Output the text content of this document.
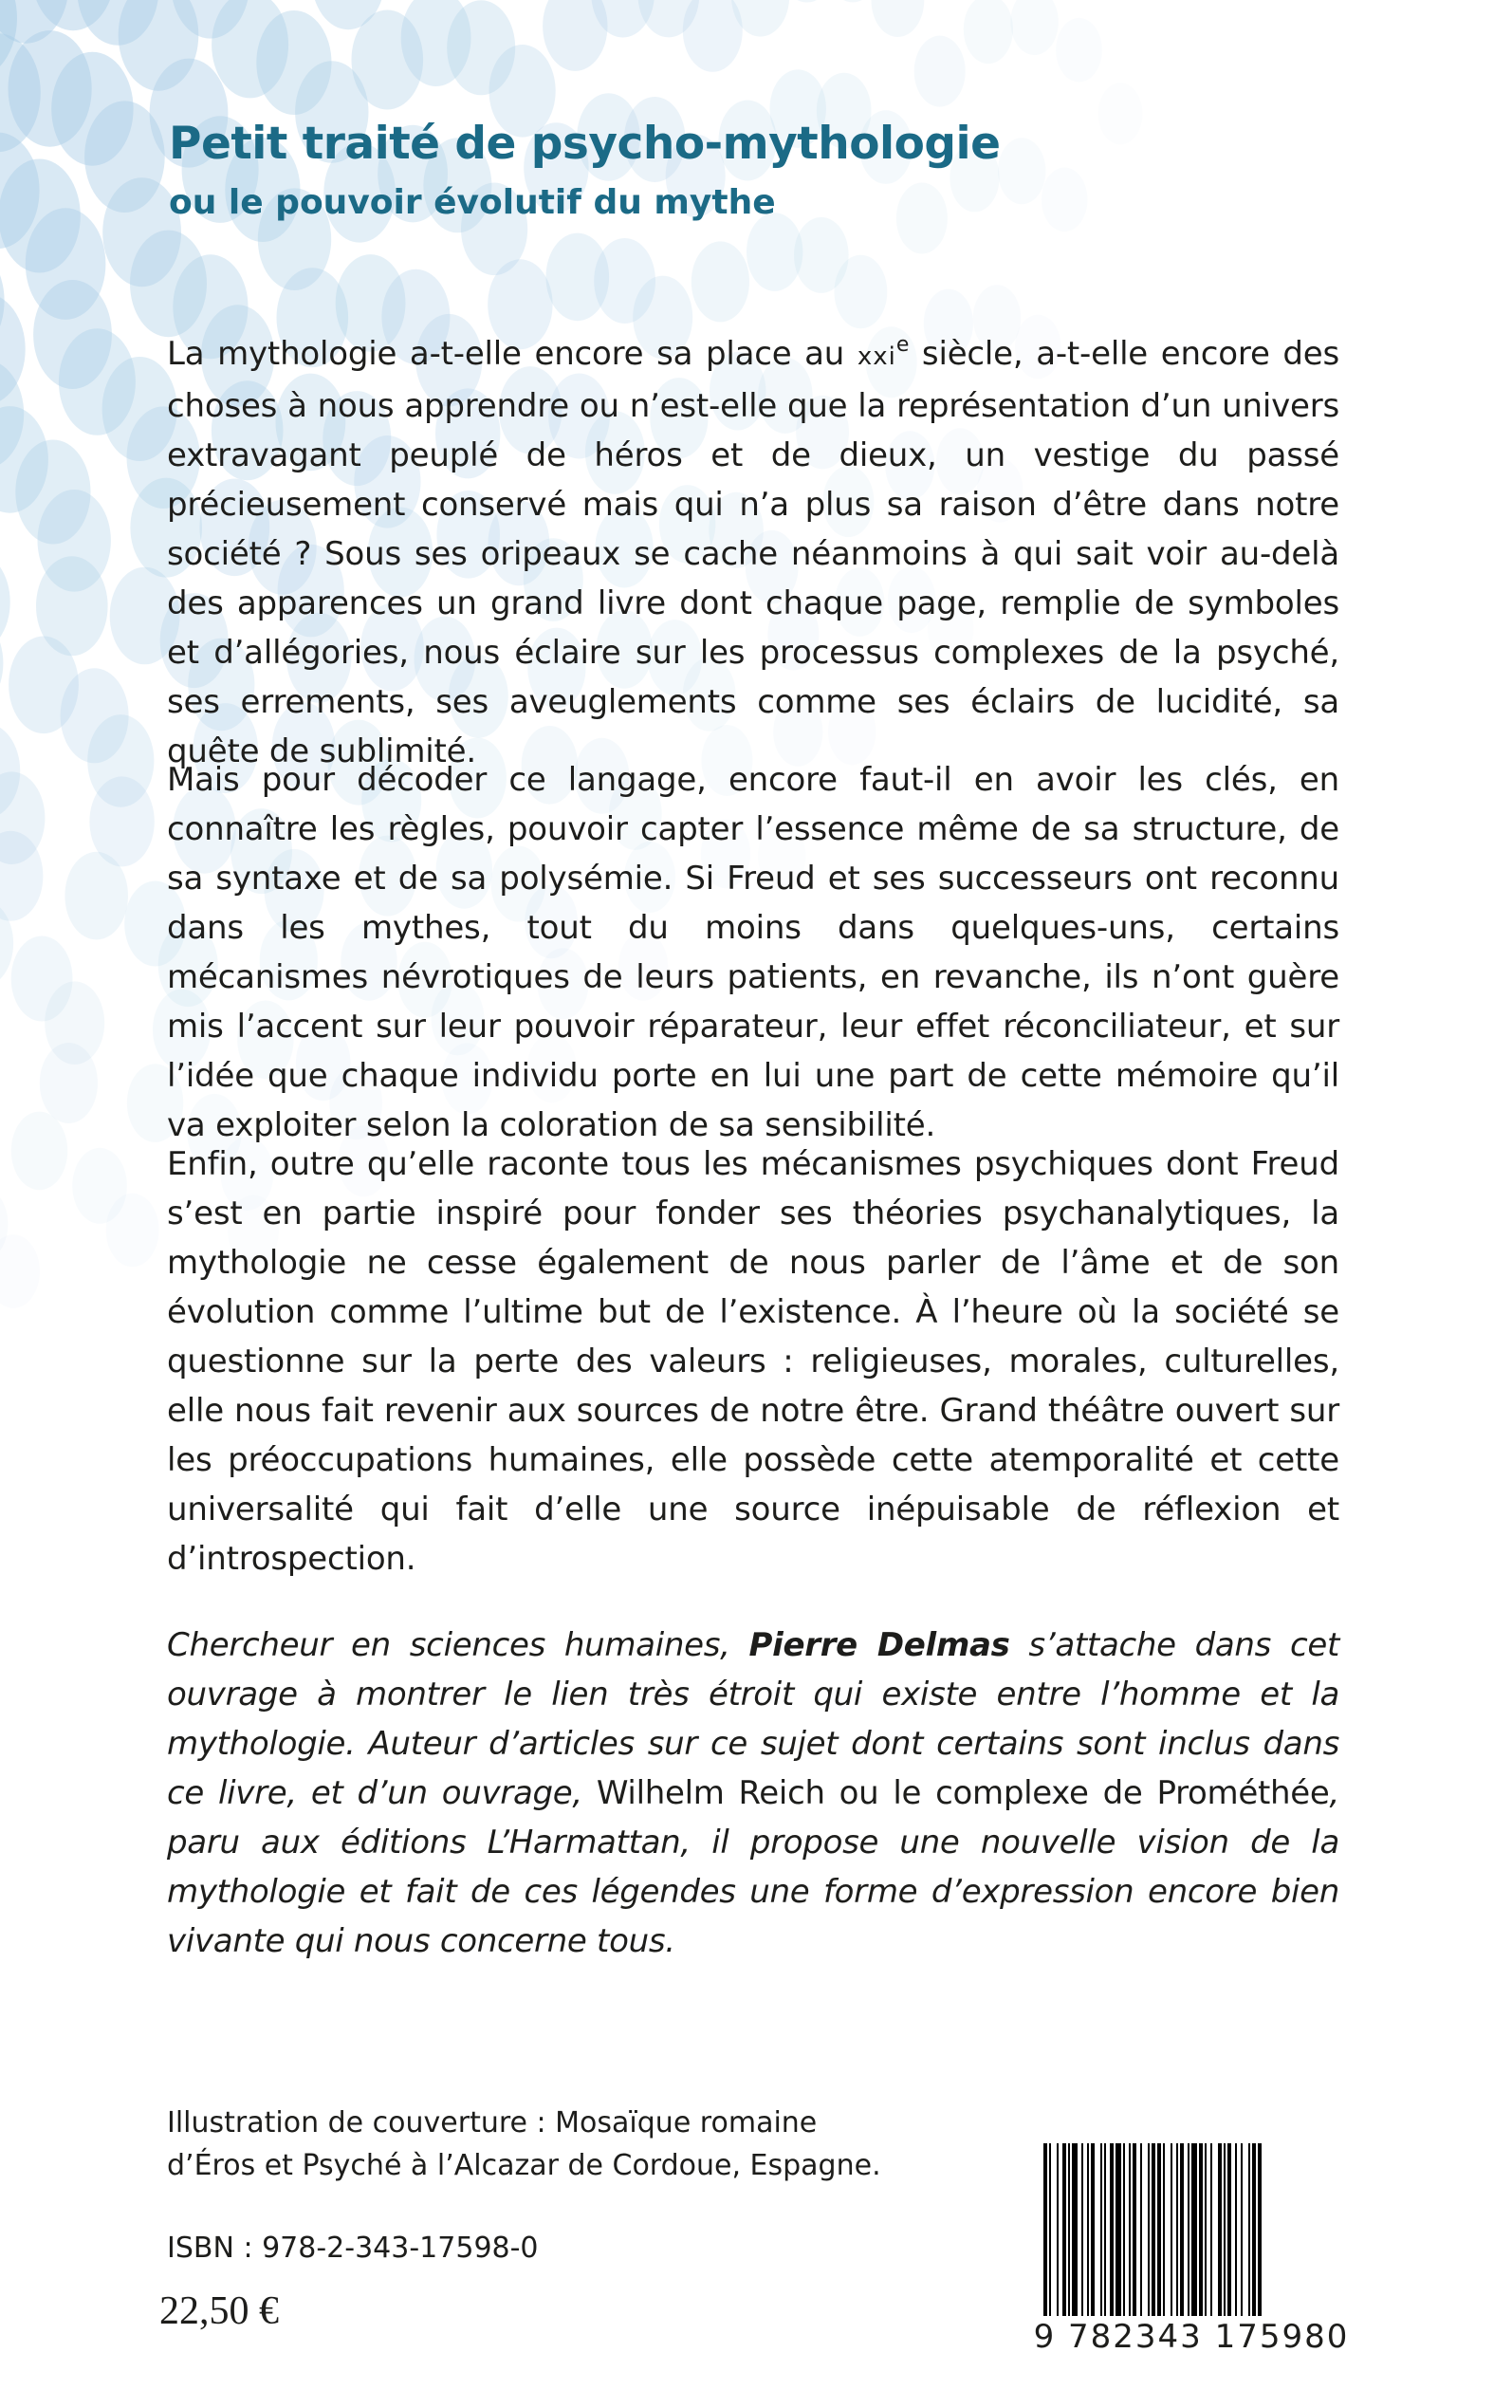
Petit traité de psycho-mythologie
ou le pouvoir évolutif du mythe

La mythologie a-t-elle encore sa place au xxi$^e$ siècle, a-t-elle encore des choses à nous apprendre ou n’est-elle que la représentation d’un univers extravagant peuplé de héros et de dieux, un vestige du passé précieusement conservé mais qui n’a plus sa raison d’être dans notre société ? Sous ses oripeaux se cache néanmoins à qui sait voir au-delà des apparences un grand livre dont chaque page, remplie de symboles et d’allégories, nous éclaire sur les processus complexes de la psyché, ses errements, ses aveuglements comme ses éclairs de lucidité, sa quête de sublimité.

Mais pour décoder ce langage, encore faut-il en avoir les clés, en connaître les règles, pouvoir capter l’essence même de sa structure, de sa syntaxe et de sa polysémie. Si Freud et ses successeurs ont reconnu dans les mythes, tout du moins dans quelques-uns, certains mécanismes névrotiques de leurs patients, en revanche, ils n’ont guère mis l’accent sur leur pouvoir réparateur, leur effet réconciliateur, et sur l’idée que chaque individu porte en lui une part de cette mémoire qu’il va exploiter selon la coloration de sa sensibilité.

Enfin, outre qu’elle raconte tous les mécanismes psychiques dont Freud s’est en partie inspiré pour fonder ses théories psychanalytiques, la mythologie ne cesse également de nous parler de l’âme et de son évolution comme l’ultime but de l’existence. À l’heure où la société se questionne sur la perte des valeurs : religieuses, morales, culturelles, elle nous fait revenir aux sources de notre être. Grand théâtre ouvert sur les préoccupations humaines, elle possède cette atemporalité et cette universalité qui fait d’elle une source inépuisable de réflexion et d’introspection.

Chercheur en sciences humaines, Pierre Delmas s’attache dans cet ouvrage à montrer le lien très étroit qui existe entre l’homme et la mythologie. Auteur d’articles sur ce sujet dont certains sont inclus dans ce livre, et d’un ouvrage, Wilhelm Reich ou le complexe de Prométhée, paru aux éditions L’Harmattan, il propose une nouvelle vision de la mythologie et fait de ces légendes une forme d’expression encore bien vivante qui nous concerne tous.

Illustration de couverture : Mosaïque romaine
d’Éros et Psyché à l’Alcazar de Cordoue, Espagne.

ISBN : 978-2-343-17598-0

22,50 €

9 782343 175980
